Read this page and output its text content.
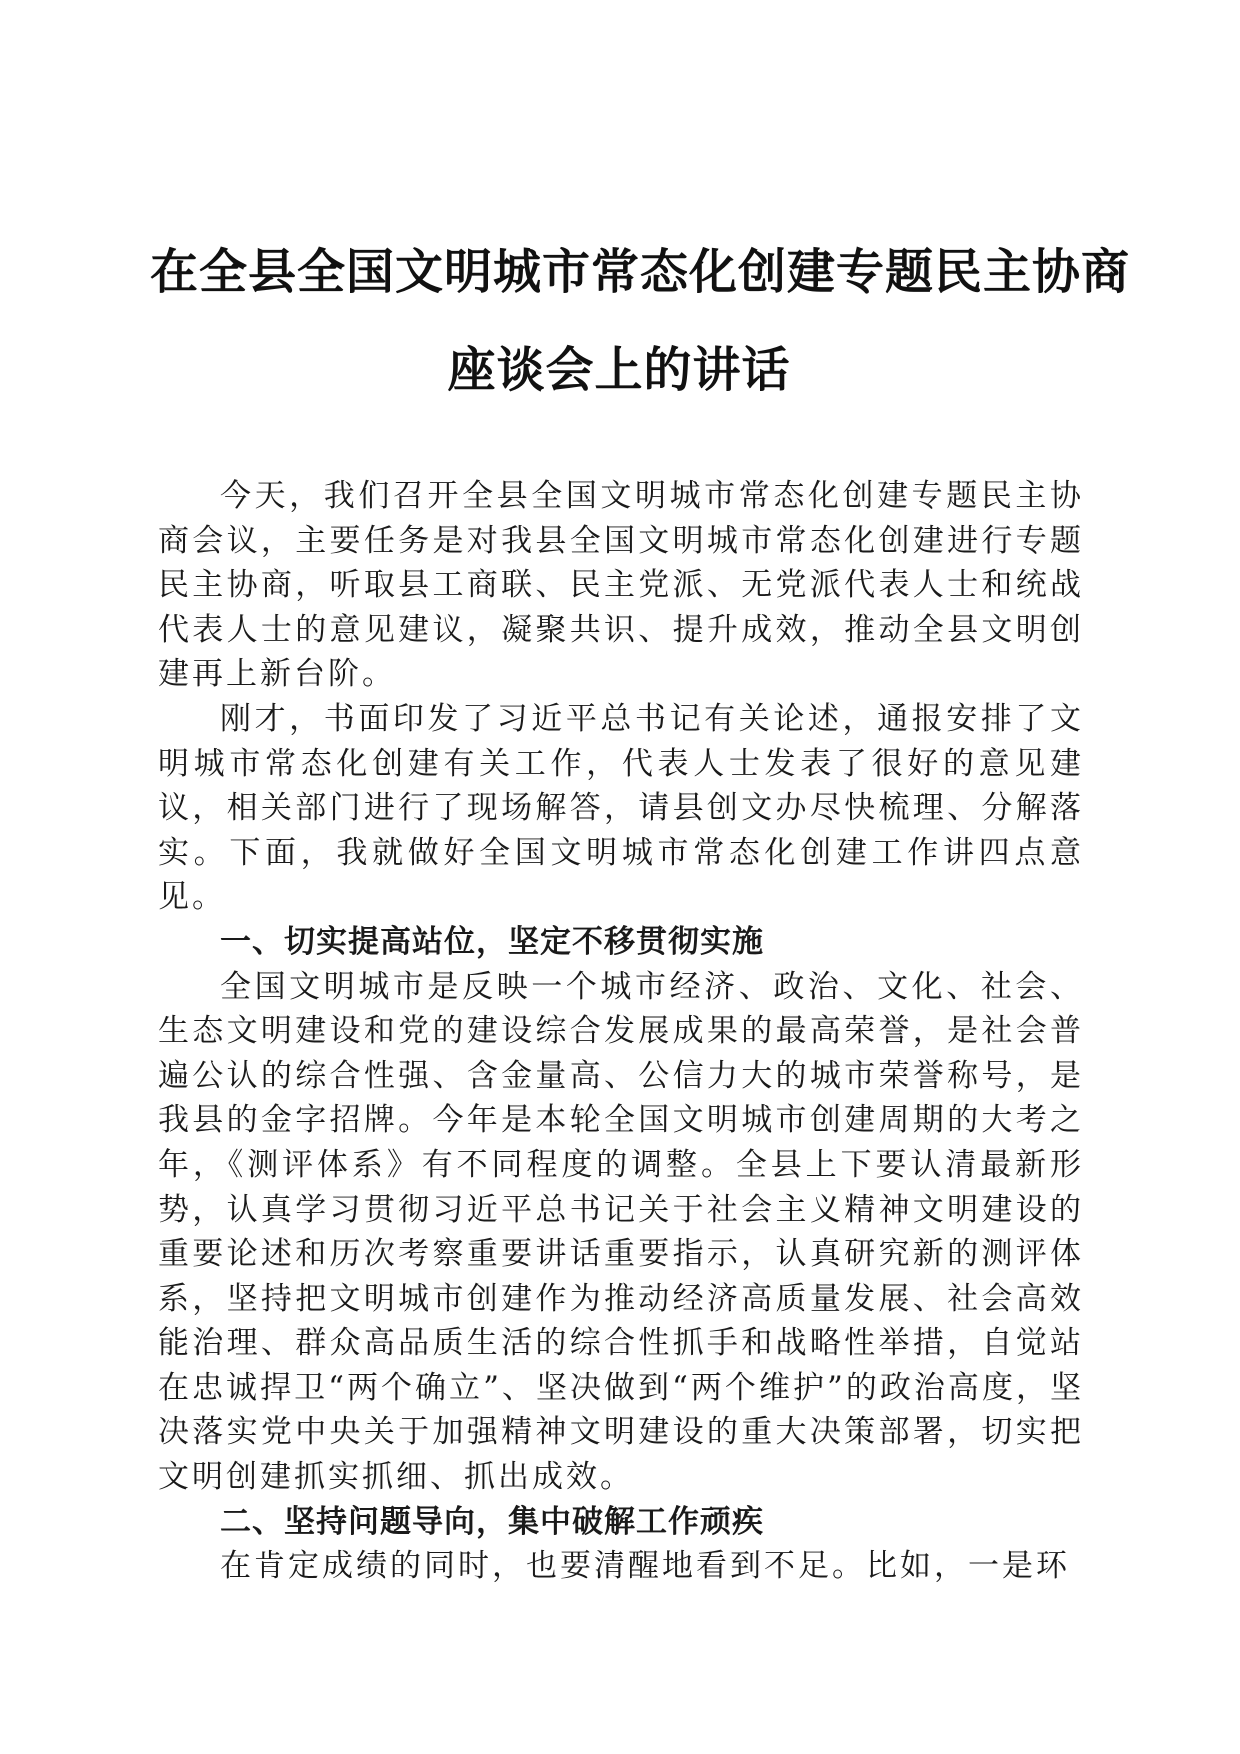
在全县全国文明城市常态化创建专题民主协商
座谈会上的讲话

今天，我们召开全县全国文明城市常态化创建专题民主协商会议，主要任务是对我县全国文明城市常态化创建进行专题民主协商，听取县工商联、民主党派、无党派代表人士和统战代表人士的意见建议，凝聚共识、提升成效，推动全县文明创建再上新台阶。

刚才，书面印发了习近平总书记有关论述，通报安排了文明城市常态化创建有关工作，代表人士发表了很好的意见建议，相关部门进行了现场解答，请县创文办尽快梳理、分解落实。下面，我就做好全国文明城市常态化创建工作讲四点意见。

一、切实提高站位，坚定不移贯彻实施

全国文明城市是反映一个城市经济、政治、文化、社会、生态文明建设和党的建设综合发展成果的最高荣誉，是社会普遍公认的综合性强、含金量高、公信力大的城市荣誉称号，是我县的金字招牌。今年是本轮全国文明城市创建周期的大考之年，《测评体系》有不同程度的调整。全县上下要认清最新形势，认真学习贯彻习近平总书记关于社会主义精神文明建设的重要论述和历次考察重要讲话重要指示，认真研究新的测评体系，坚持把文明城市创建作为推动经济高质量发展、社会高效能治理、群众高品质生活的综合性抓手和战略性举措，自觉站在忠诚捍卫“两个确立”、坚决做到“两个维护”的政治高度，坚决落实党中央关于加强精神文明建设的重大决策部署，切实把文明创建抓实抓细、抓出成效。

二、坚持问题导向，集中破解工作顽疾

在肯定成绩的同时，也要清醒地看到不足。比如，一是环
